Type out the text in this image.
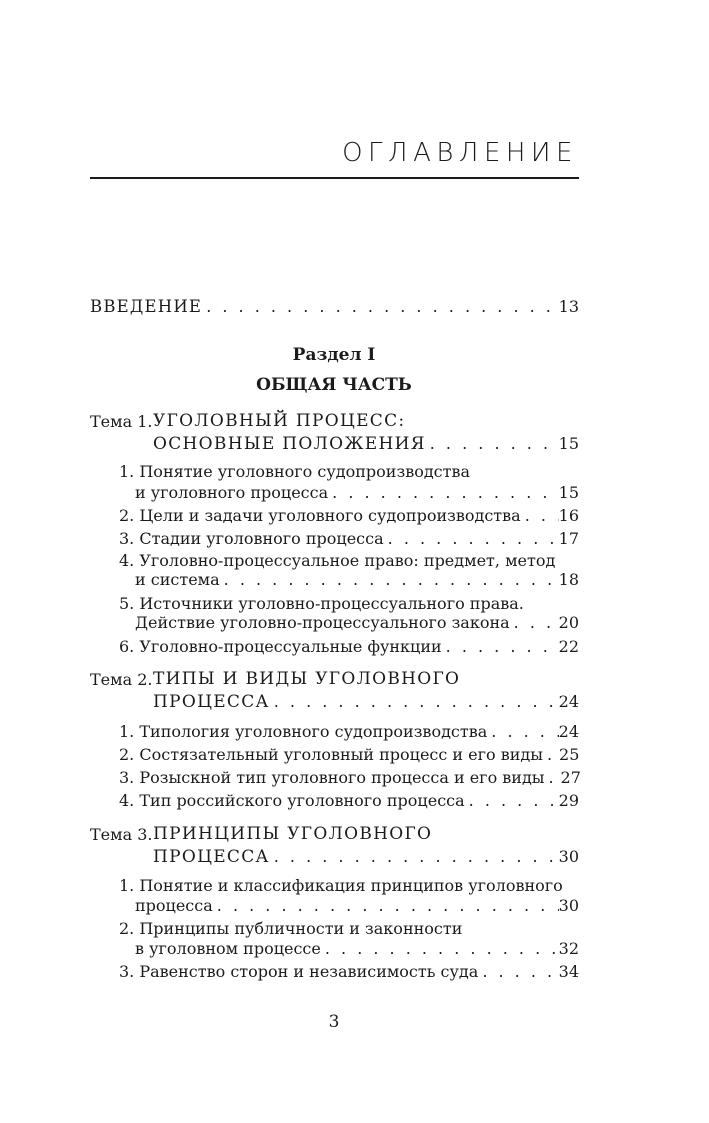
ОГЛАВЛЕНИЕ
ВВЕДЕНИЕ . . .	13
Раздел I
ОБЩАЯ ЧАСТЬ
Тема 1. УГОЛОВНЫЙ ПРОЦЕСС:
ОСНОВНЫЕ ПОЛОЖЕНИЯ . . .	15
1. Понятие уголовного судопроизводства
и уголовного процесса . . .	15
2. Цели и задачи уголовного судопроизводства . . . 16
3. Стадии уголовного процесса . . .	17
4. Уголовно-процессуальное право: предмет, метод
и система . . .	18
5. Источники уголовно-процессуального права.
Действие уголовно-процессуального закона . . .	20
6. Уголовно-процессуальные функции . . .	22
Тема 2. ТИПЫ И ВИДЫ УГОЛОВНОГО
ПРОЦЕССА . . .	24
1. Типология уголовного судопроизводства . . .	24
2. Состязательный уголовный процесс и его виды . . . 25
3. Розыскной тип уголовного процесса и его виды . . . 27
4. Тип российского уголовного процесса . . .	29
Тема 3. ПРИНЦИПЫ УГОЛОВНОГО
ПРОЦЕССА . . .	30
1. Понятие и классификация принципов уголовного
процесса . . .	30
2. Принципы публичности и законности
в уголовном процессе . . .	32
3. Равенство сторон и независимость суда . . .	34
3
